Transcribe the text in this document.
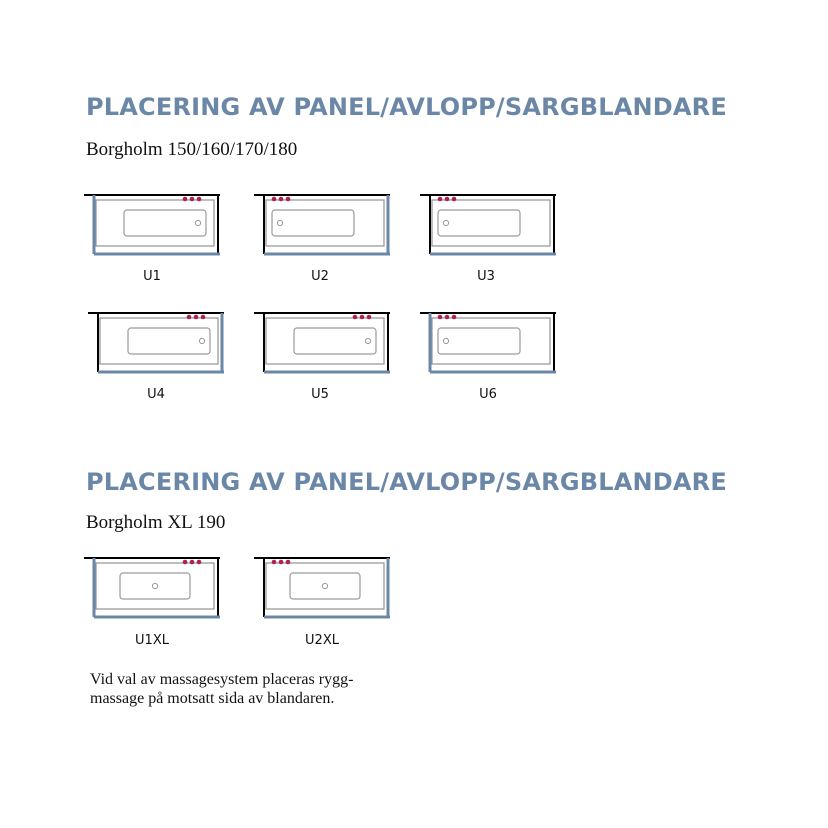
PLACERING AV PANEL/AVLOPP/SARGBLANDARE

Borgholm 150/160/170/180

U1	U2	U3
U4	U5	U6
PLACERING AV PANEL/AVLOPP/SARGBLANDARE

Borgholm XL 190

U1XL	U2XL

Vid val av massagesystem placeras rygg-
massage på motsatt sida av blandaren.
